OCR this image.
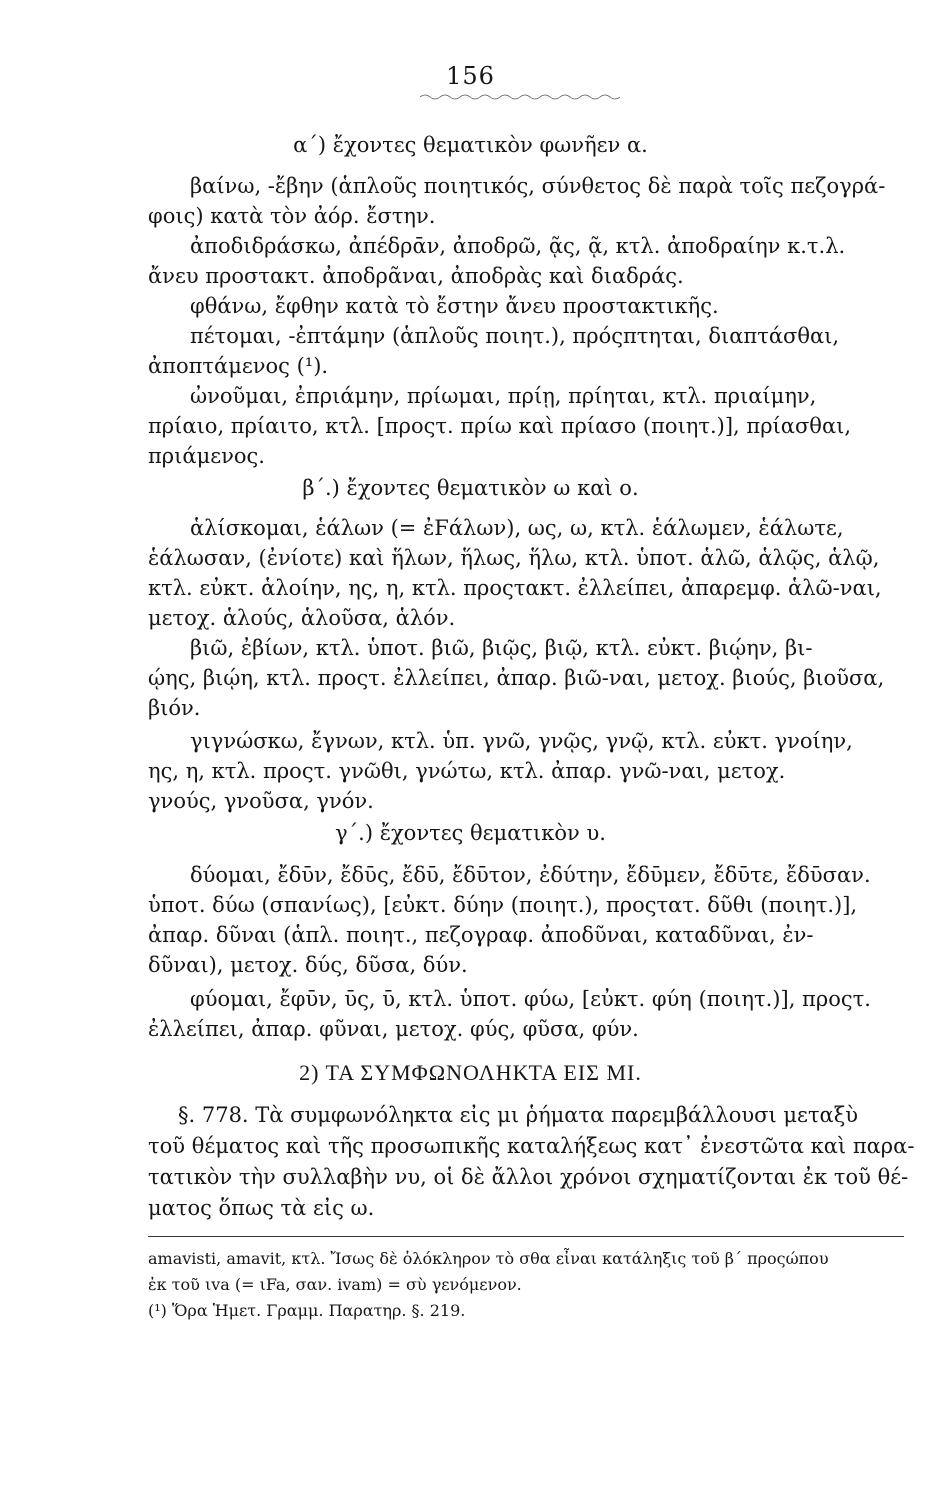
156
α΄) ἔχοντες θεματικὸν φωνῆεν α.
βαίνω, -ἔβην (ἁπλοῦς ποιητικός, σύνθετος δὲ παρὰ τοῖς πεζογρά-
φοις) κατὰ τὸν ἀόρ. ἔστην.
ἀποδιδράσκω, ἀπέδρᾱν, ἀποδρῶ, ᾷς, ᾷ, κτλ. ἀποδραίην κ.τ.λ.
ἄνευ προστακτ. ἀποδρᾶναι, ἀποδρὰς καὶ διαδράς.
φθάνω, ἔφθην κατὰ τὸ ἔστην ἄνευ προστακτικῆς.
πέτομαι, -ἐπτάμην (ἁπλοῦς ποιητ.), πρόςπτηται, διαπτάσθαι,
ἀποπτάμενος (¹).
ὠνοῦμαι, ἐπριάμην, πρίωμαι, πρίῃ, πρίηται, κτλ. πριαίμην,
πρίαιο, πρίαιτο, κτλ. [προςτ. πρίω καὶ πρίασο (ποιητ.)], πρίασθαι,
πριάμενος.
β΄.) ἔχοντες θεματικὸν ω καὶ ο.
ἁλίσκομαι, ἑάλων (= ἐϜάλων), ως, ω, κτλ. ἑάλωμεν, ἑάλωτε,
ἑάλωσαν, (ἐνίοτε) καὶ ἥλων, ἥλως, ἥλω, κτλ. ὑποτ. ἁλῶ, ἁλῷς, ἁλῷ,
κτλ. εὐκτ. ἁλοίην, ης, η, κτλ. προςτακτ. ἐλλείπει, ἀπαρεμφ. ἁλῶ-ναι,
μετοχ. ἁλούς, ἁλοῦσα, ἁλόν.
βιῶ, ἐβίων, κτλ. ὑποτ. βιῶ, βιῷς, βιῷ, κτλ. εὐκτ. βιῴην, βι-
ῴης, βιῴη, κτλ. προςτ. ἐλλείπει, ἀπαρ. βιῶ-ναι, μετοχ. βιούς, βιοῦσα,
βιόν.
γιγνώσκω, ἔγνων, κτλ. ὑπ. γνῶ, γνῷς, γνῷ, κτλ. εὐκτ. γνοίην,
ης, η, κτλ. προςτ. γνῶθι, γνώτω, κτλ. ἀπαρ. γνῶ-ναι, μετοχ.
γνούς, γνοῦσα, γνόν.
γ΄.) ἔχοντες θεματικὸν υ.
δύομαι, ἔδῡν, ἔδῡς, ἔδῡ, ἔδῡτον, ἐδύτην, ἔδῡμεν, ἔδῡτε, ἔδῡσαν.
ὑποτ. δύω (σπανίως), [εὐκτ. δύην (ποιητ.), προςτατ. δῦθι (ποιητ.)],
ἀπαρ. δῦναι (ἁπλ. ποιητ., πεζογραφ. ἀποδῦναι, καταδῦναι, ἐν-
δῦναι), μετοχ. δύς, δῦσα, δύν.
φύομαι, ἔφῡν, ῡς, ῡ, κτλ. ὑποτ. φύω, [εὐκτ. φύη (ποιητ.)], προςτ.
ἐλλείπει, ἀπαρ. φῦναι, μετοχ. φύς, φῦσα, φύν.
2) ΤΑ ΣΥΜΦΩΝΟΛΗΚΤΑ ΕΙΣ ΜΙ.
§. 778. Τὰ συμφωνόληκτα εἰς μι ῥήματα παρεμβάλλουσι μεταξὺ
τοῦ θέματος καὶ τῆς προσωπικῆς καταλήξεως κατ᾿ ἐνεστῶτα καὶ παρα-
τατικὸν τὴν συλλαβὴν νυ, οἱ δὲ ἄλλοι χρόνοι σχηματίζονται ἐκ τοῦ θέ-
ματος ὅπως τὰ εἰς ω.
amavisti, amavit, κτλ. Ἴσως δὲ ὁλόκληρον τὸ σθα εἶναι κατάληξις τοῦ β΄ προςώπου
ἐκ τοῦ ιva (= ιFa, σαν. ivam) = σὺ γενόμενον.
(¹) Ὅρα Ἡμετ. Γραμμ. Παρατηρ. §. 219.
